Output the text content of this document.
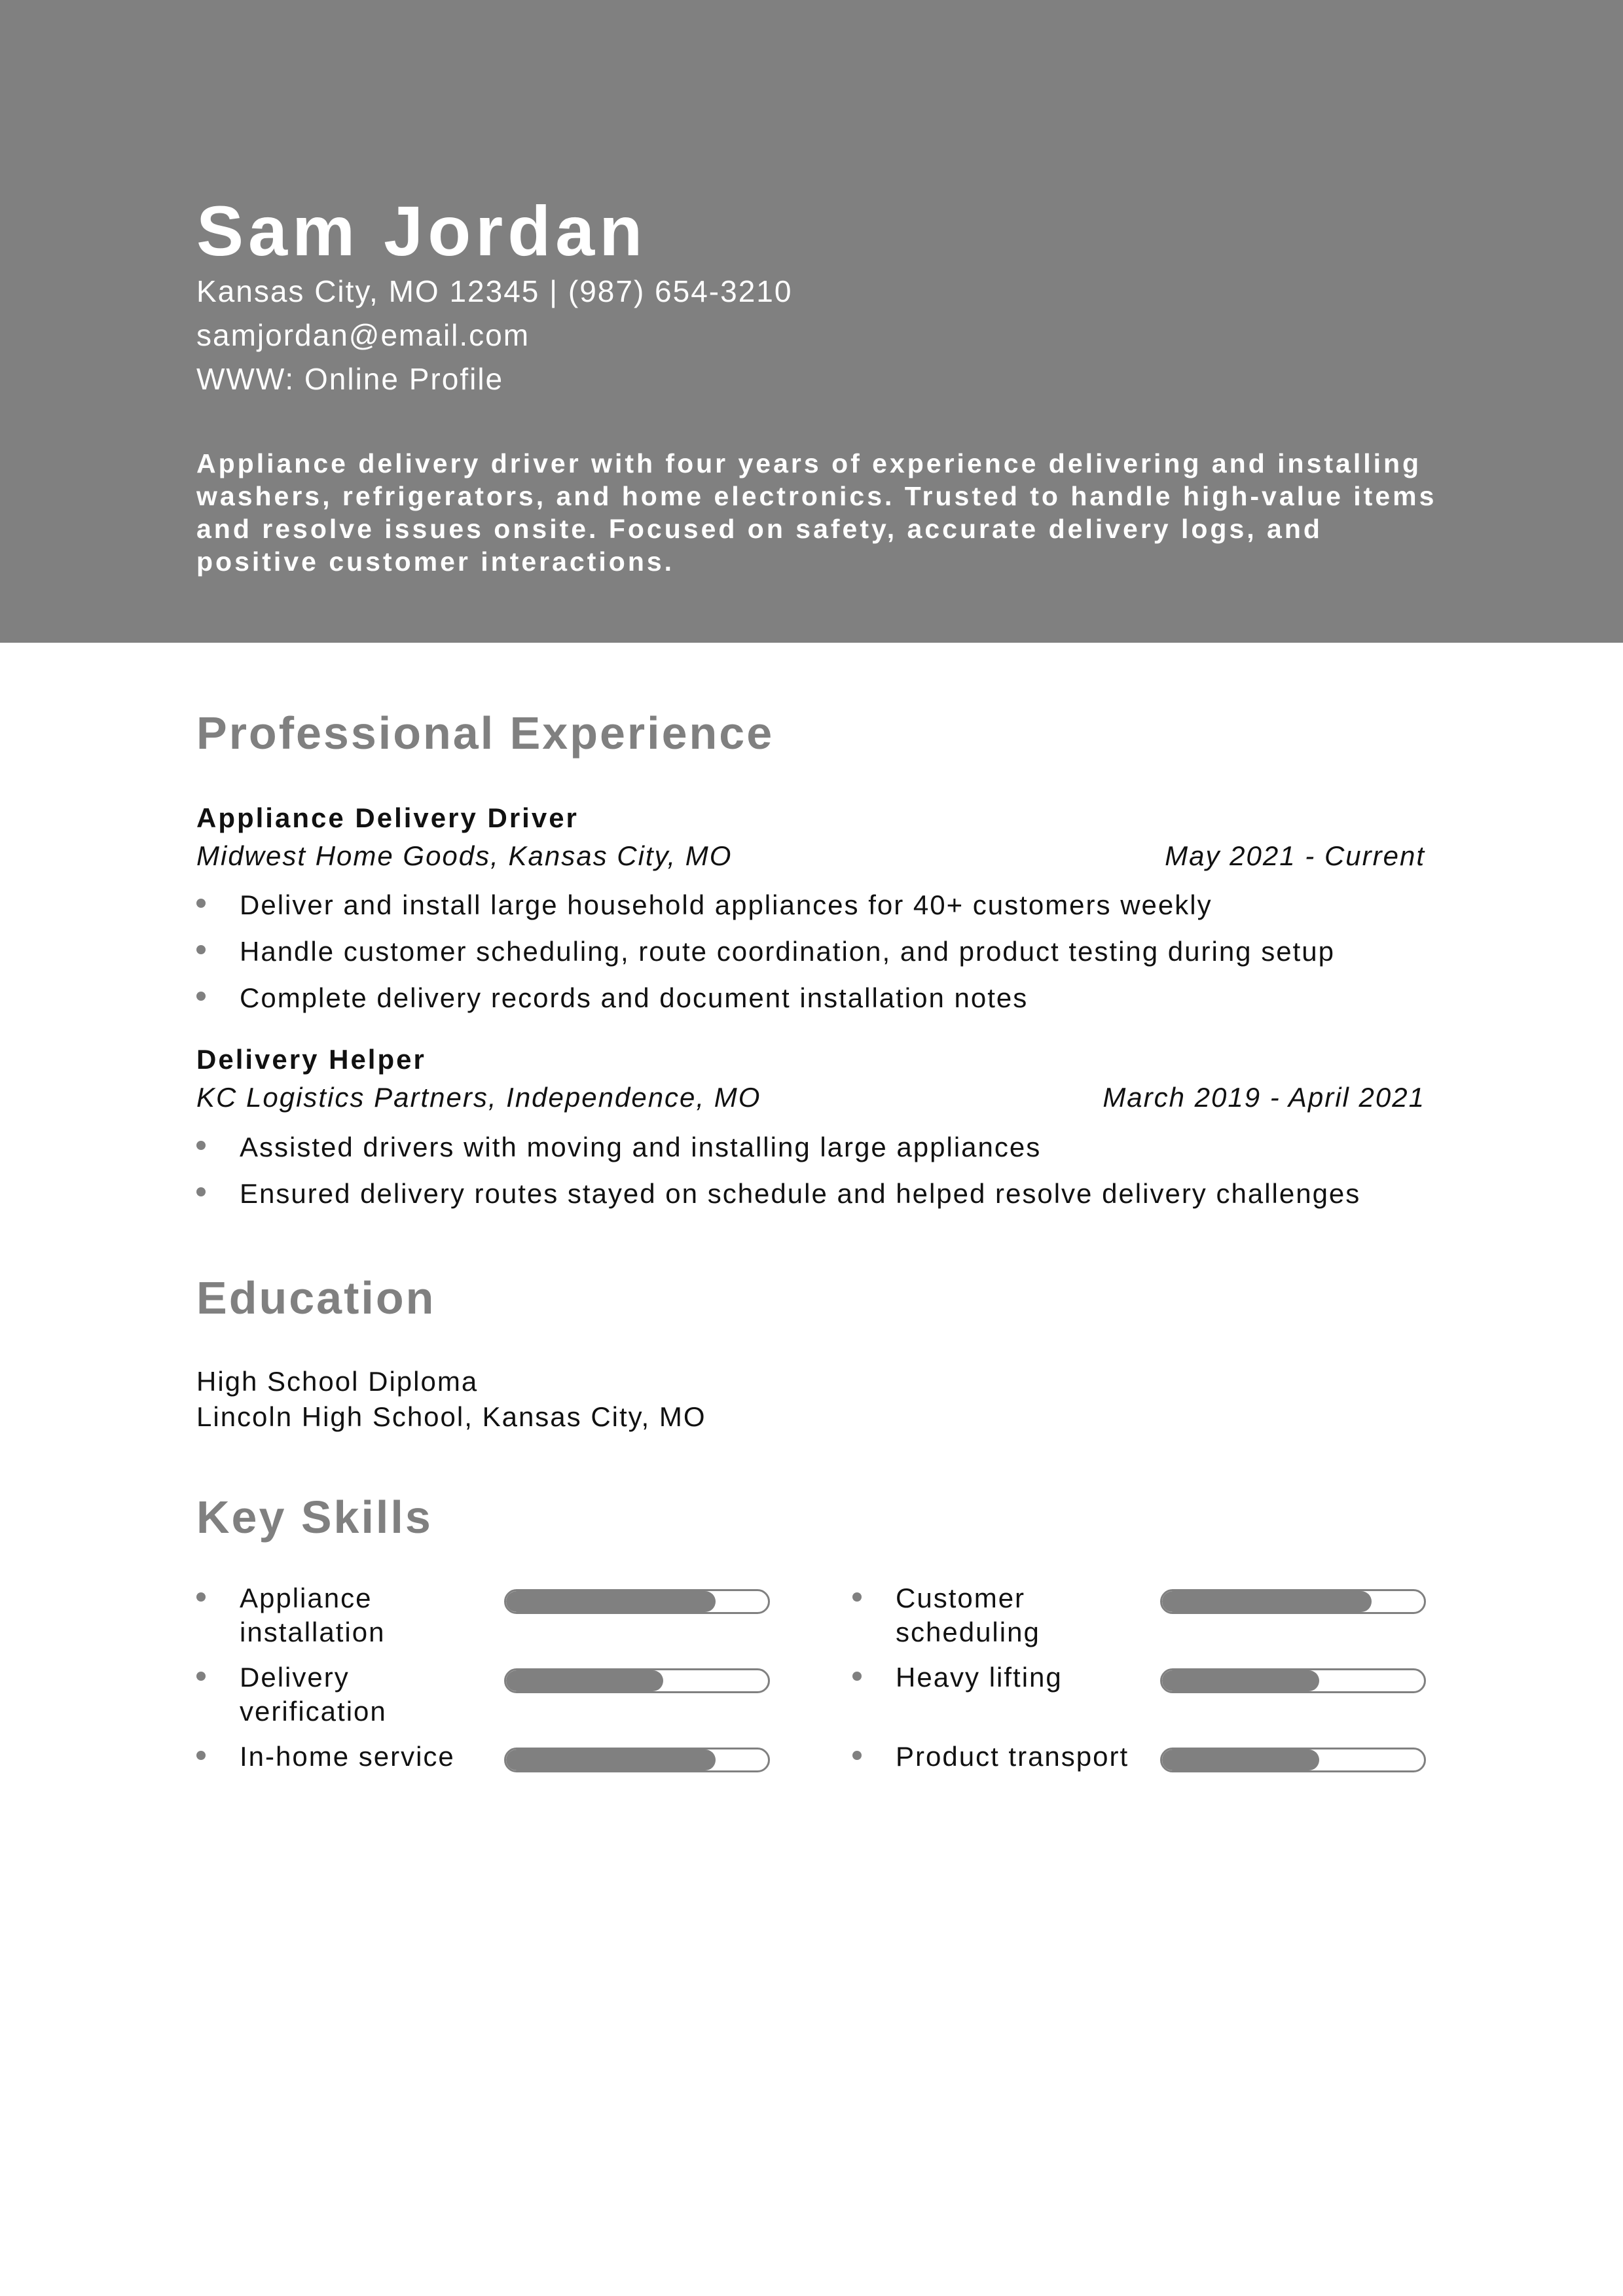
Sam Jordan
Kansas City, MO 12345 | (987) 654-3210
samjordan@email.com
WWW: Online Profile
Appliance delivery driver with four years of experience delivering and installing washers, refrigerators, and home electronics. Trusted to handle high-value items and resolve issues onsite. Focused on safety, accurate delivery logs, and positive customer interactions.
Professional Experience
Appliance Delivery Driver
Midwest Home Goods, Kansas City, MO	May 2021 - Current
Deliver and install large household appliances for 40+ customers weekly
Handle customer scheduling, route coordination, and product testing during setup
Complete delivery records and document installation notes
Delivery Helper
KC Logistics Partners, Independence, MO	March 2019 - April 2021
Assisted drivers with moving and installing large appliances
Ensured delivery routes stayed on schedule and helped resolve delivery challenges
Education
High School Diploma
Lincoln High School, Kansas City, MO
Key Skills
Appliance installation
Customer scheduling
Delivery verification
Heavy lifting
In-home service	Product transport
